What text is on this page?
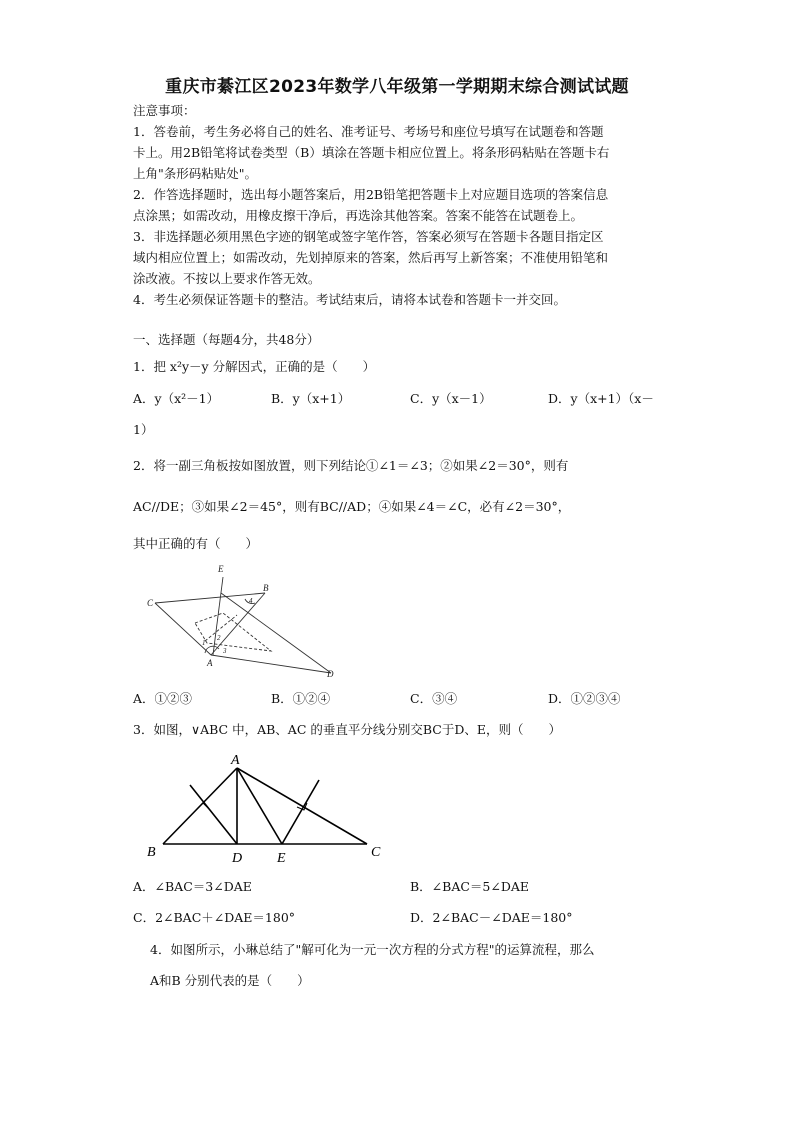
重庆市綦江区2023年数学八年级第一学期期末综合测试试题
注意事项：
1．答卷前，考生务必将自己的姓名、准考证号、考场号和座位号填写在试题卷和答题
卡上。用2B铅笔将试卷类型（B）填涂在答题卡相应位置上。将条形码粘贴在答题卡右
上角"条形码粘贴处"。
2．作答选择题时，选出每小题答案后，用2B铅笔把答题卡上对应题目选项的答案信息
点涂黑；如需改动，用橡皮擦干净后，再选涂其他答案。答案不能答在试题卷上。
3．非选择题必须用黑色字迹的钢笔或签字笔作答，答案必须写在答题卡各题目指定区
域内相应位置上；如需改动，先划掉原来的答案，然后再写上新答案；不准使用铅笔和
涂改液。不按以上要求作答无效。
4．考生必须保证答题卡的整洁。考试结束后，请将本试卷和答题卡一并交回。
一、选择题（每题4分，共48分）
1．把 x²y－y 分解因式，正确的是（　　）
A．y（x²－1）	B．y（x+1）	C．y（x－1）	D．y（x+1）（x－
1）
2．将一副三角板按如图放置，则下列结论①∠1＝∠3；②如果∠2＝30°，则有
AC//DE；③如果∠2＝45°，则有BC//AD；④如果∠4＝∠C，必有∠2＝30°，
其中正确的有（　　）
E
B
C
A
D
1
2
3
4
A．①②③	B．①②④	C．③④	D．①②③④
3．如图，∨ABC 中，AB、AC 的垂直平分线分别交BC于D、E，则（　　）
A
B	C
D E
A．∠BAC＝3∠DAE	B．∠BAC＝5∠DAE
C．2∠BAC＋∠DAE＝180°	D．2∠BAC－∠DAE＝180°
4．如图所示，小琳总结了"解可化为一元一次方程的分式方程"的运算流程，那么
A和B 分别代表的是（　　）
